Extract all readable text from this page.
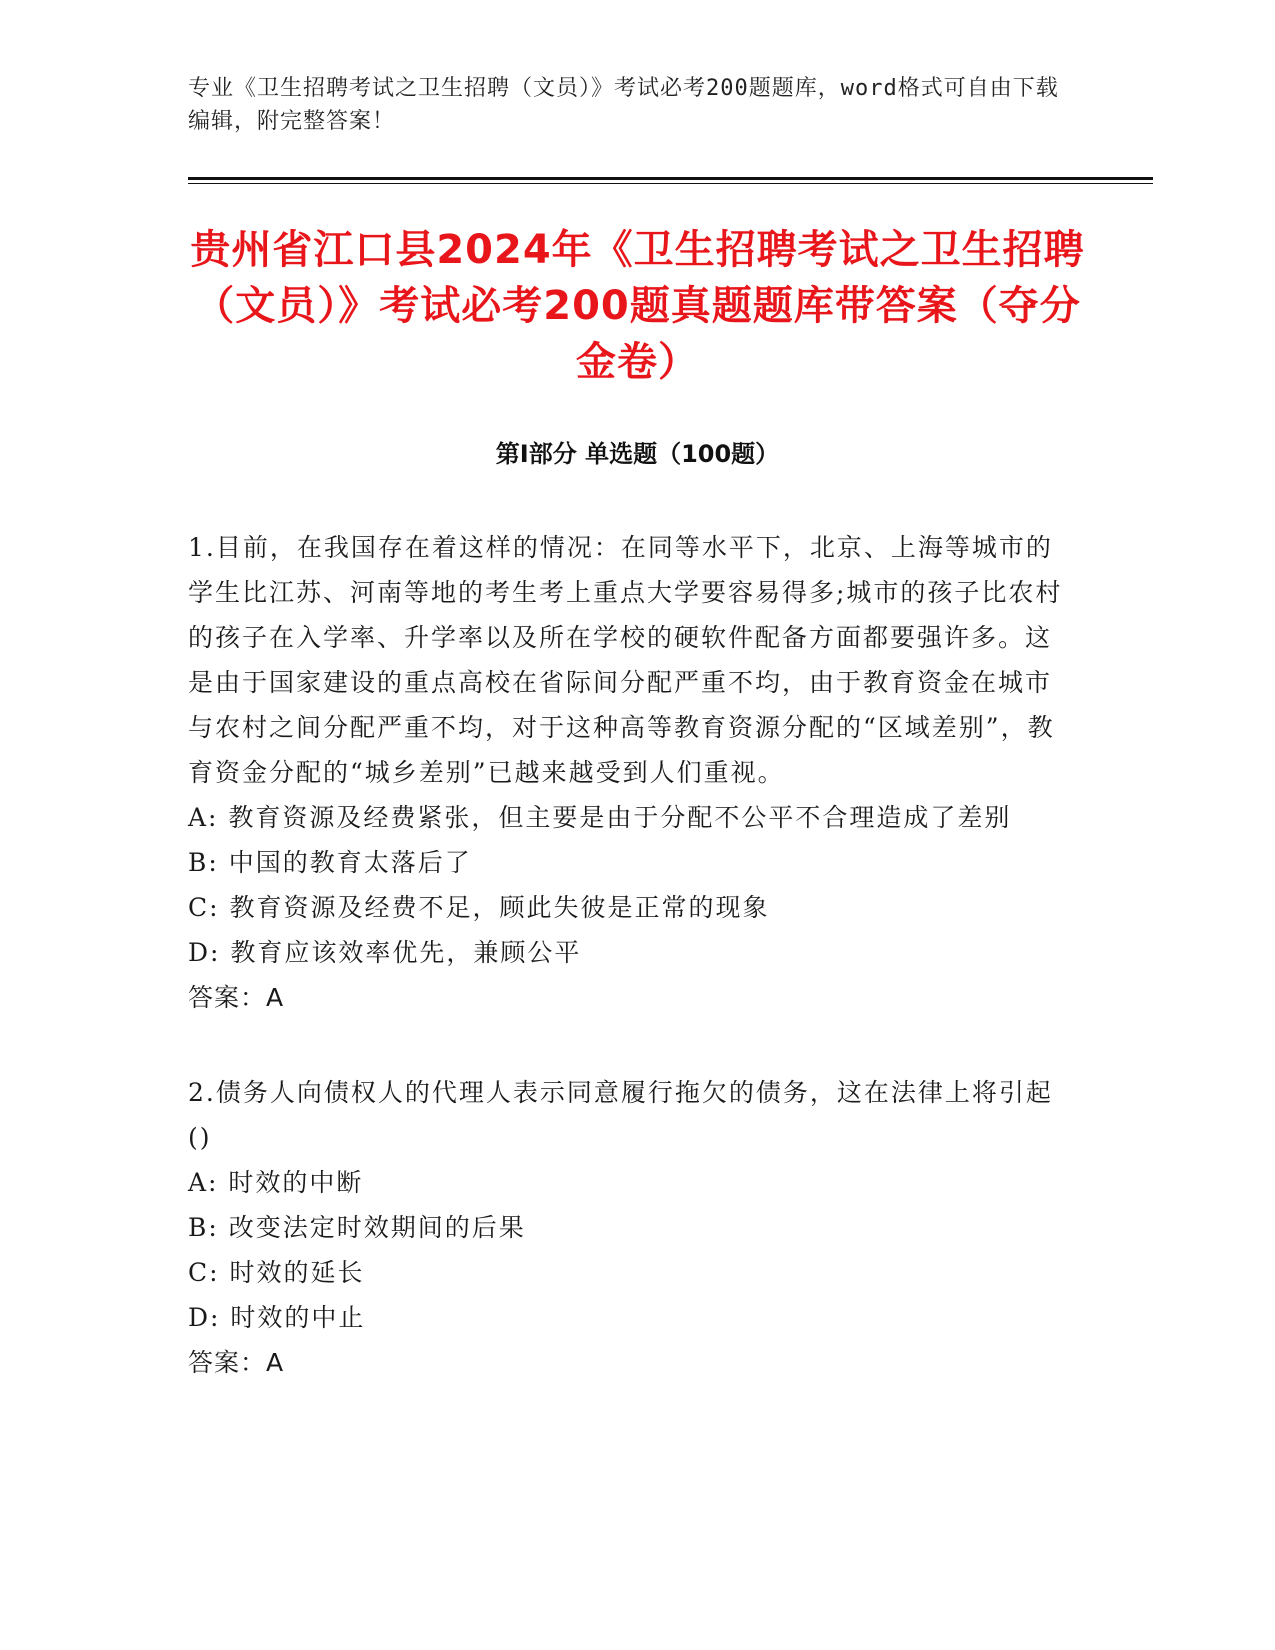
专业《卫生招聘考试之卫生招聘（文员）》考试必考200题题库，word格式可自由下载编辑，附完整答案！
贵州省江口县2024年《卫生招聘考试之卫生招聘（文员）》考试必考200题真题题库带答案（夺分金卷）
第I部分 单选题（100题）
1.目前，在我国存在着这样的情况：在同等水平下，北京、上海等城市的学生比江苏、河南等地的考生考上重点大学要容易得多;城市的孩子比农村的孩子在入学率、升学率以及所在学校的硬软件配备方面都要强许多。这是由于国家建设的重点高校在省际间分配严重不均，由于教育资金在城市与农村之间分配严重不均，对于这种高等教育资源分配的“区域差别”，教育资金分配的“城乡差别”已越来越受到人们重视。
A: 教育资源及经费紧张，但主要是由于分配不公平不合理造成了差别
B: 中国的教育太落后了
C: 教育资源及经费不足，顾此失彼是正常的现象
D: 教育应该效率优先，兼顾公平
答案：A
2.债务人向债权人的代理人表示同意履行拖欠的债务，这在法律上将引起()
A: 时效的中断
B: 改变法定时效期间的后果
C: 时效的延长
D: 时效的中止
答案：A
